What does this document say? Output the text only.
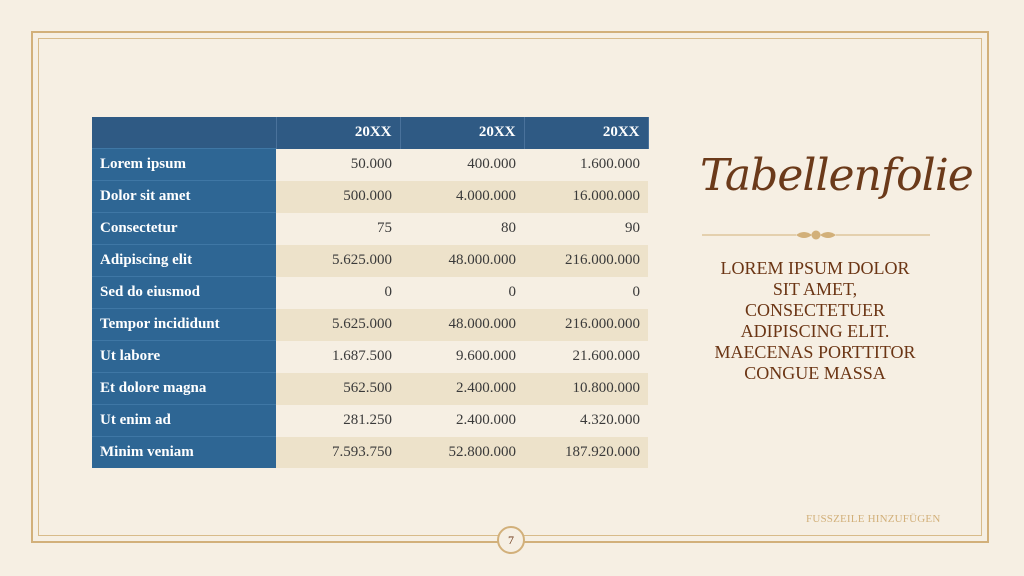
	20XX	20XX	20XX
Lorem ipsum	50.000	400.000	1.600.000
Dolor sit amet	500.000	4.000.000	16.000.000
Consectetur	75	80	90
Adipiscing elit	5.625.000	48.000.000	216.000.000
Sed do eiusmod	0	0	0
Tempor incididunt	5.625.000	48.000.000	216.000.000
Ut labore	1.687.500	9.600.000	21.600.000
Et dolore magna	562.500	2.400.000	10.800.000
Ut enim ad	281.250	2.400.000	4.320.000
Minim veniam	7.593.750	52.800.000	187.920.000
Tabellenfolie
LOREM IPSUM DOLOR SIT AMET, CONSECTETUER ADIPISCING ELIT. MAECENAS PORTTITOR CONGUE MASSA
FUSSZEILE HINZUFÜGEN
7
